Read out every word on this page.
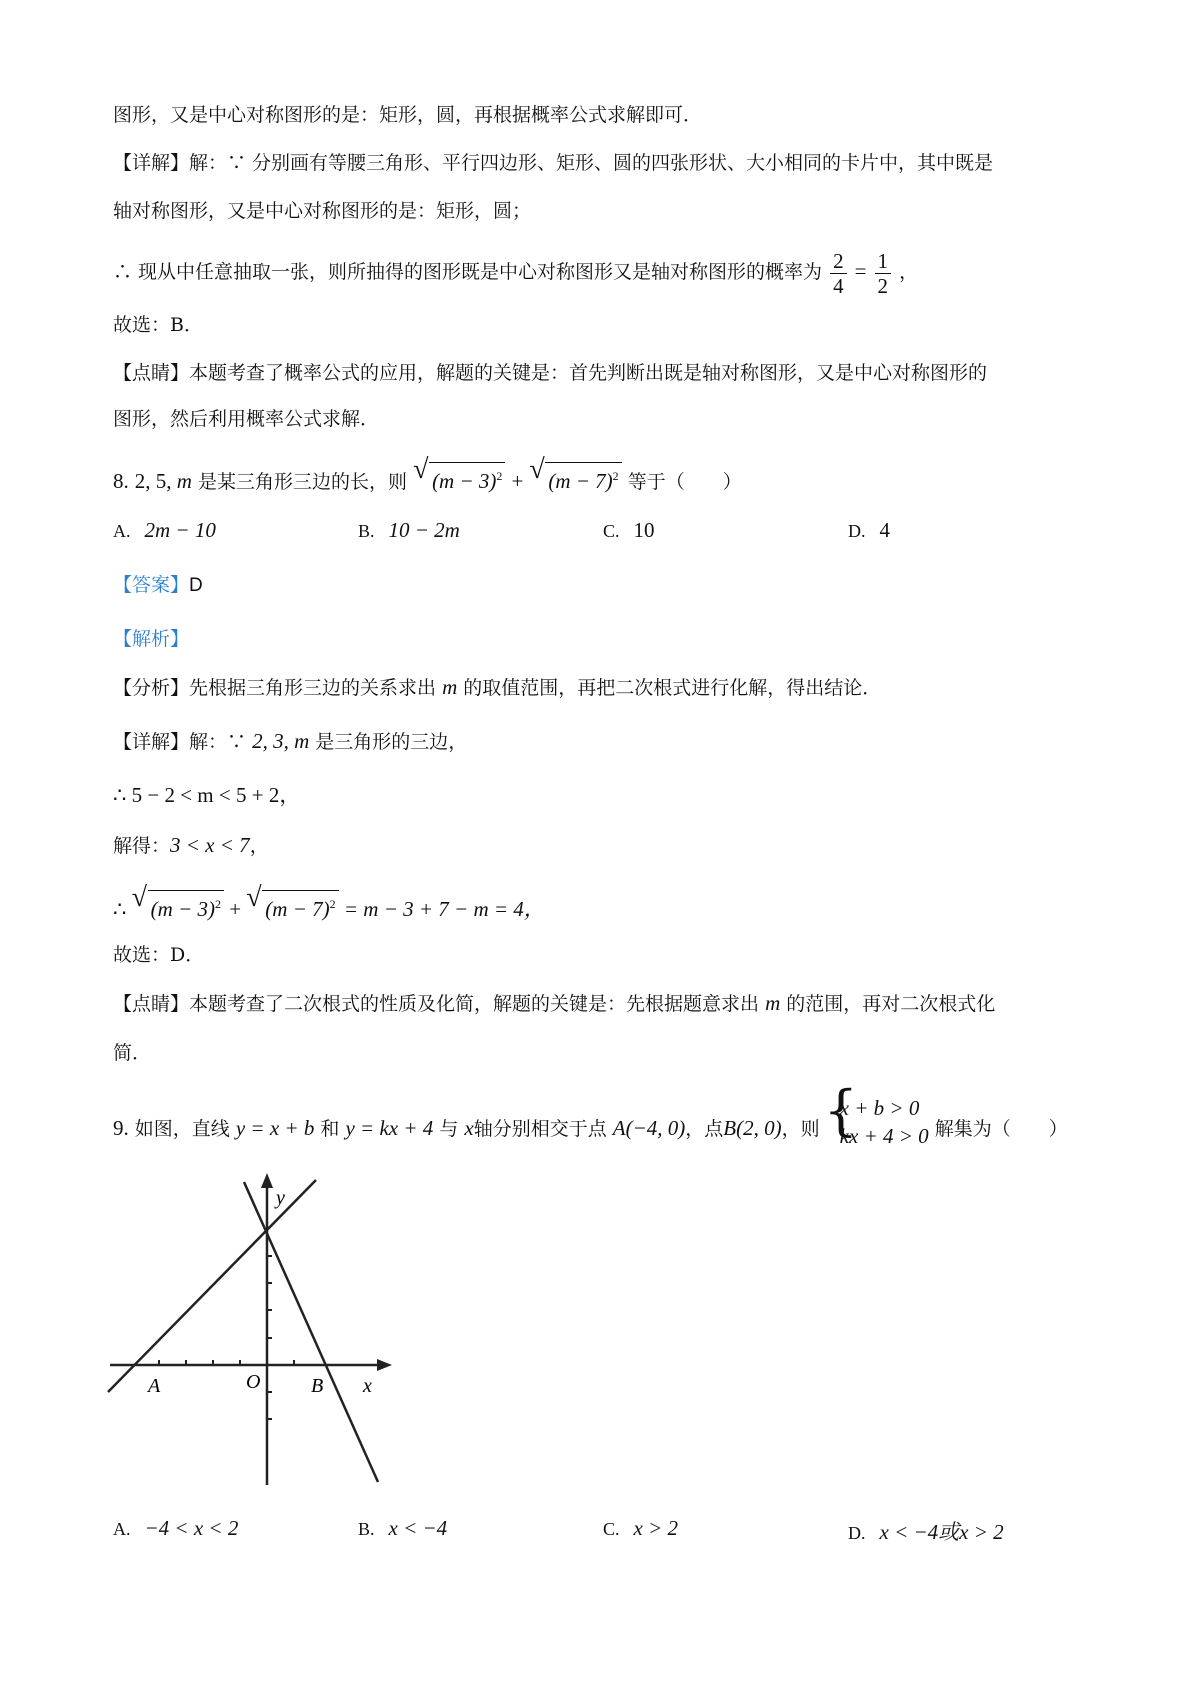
图形，又是中心对称图形的是：矩形，圆，再根据概率公式求解即可．
【详解】解：∵ 分别画有等腰三角形、平行四边形、矩形、圆的四张形状、大小相同的卡片中，其中既是
轴对称图形，又是中心对称图形的是：矩形，圆；
∴ 现从中任意抽取一张，则所抽得的图形既是中心对称图形又是轴对称图形的概率为 $\frac{2}{4} = \frac{1}{2}$ ，
故选：B．
【点睛】本题考查了概率公式的应用，解题的关键是：首先判断出既是轴对称图形，又是中心对称图形的
图形，然后利用概率公式求解．
8. 2, 5, m 是某三角形三边的长，则 √ $(m - 3)^2$ + √ $(m - 7)^2$ 等于（　　）
A. 2m − 10	B. 10 − 2m	C. 10	D. 4
【答案】D
【解析】
【分析】先根据三角形三边的关系求出 m 的取值范围，再把二次根式进行化解，得出结论．
【详解】解：∵ 2, 3, m 是三角形的三边，
∴ 5 − 2 < m < 5 + 2，
解得：3 < x < 7，
∴ √ $(m - 3)^2$ + √ $(m - 7)^2 = m - 3 + 7 - m = 4$，
故选：D．
【点睛】本题考查了二次根式的性质及化简，解题的关键是：先根据题意求出 m 的范围，再对二次根式化
简．
9. 如图，直线 y = x + b 和 y = kx + 4 与 x轴分别相交于点 A(−4, 0)，点B(2, 0)，则 {
x + b > 0
kx + 4 > 0 解集为（　　）
y
x
A	O	B
A. −4 < x < 2	B. x < −4	C. x > 2	D. x < −4或x > 2
